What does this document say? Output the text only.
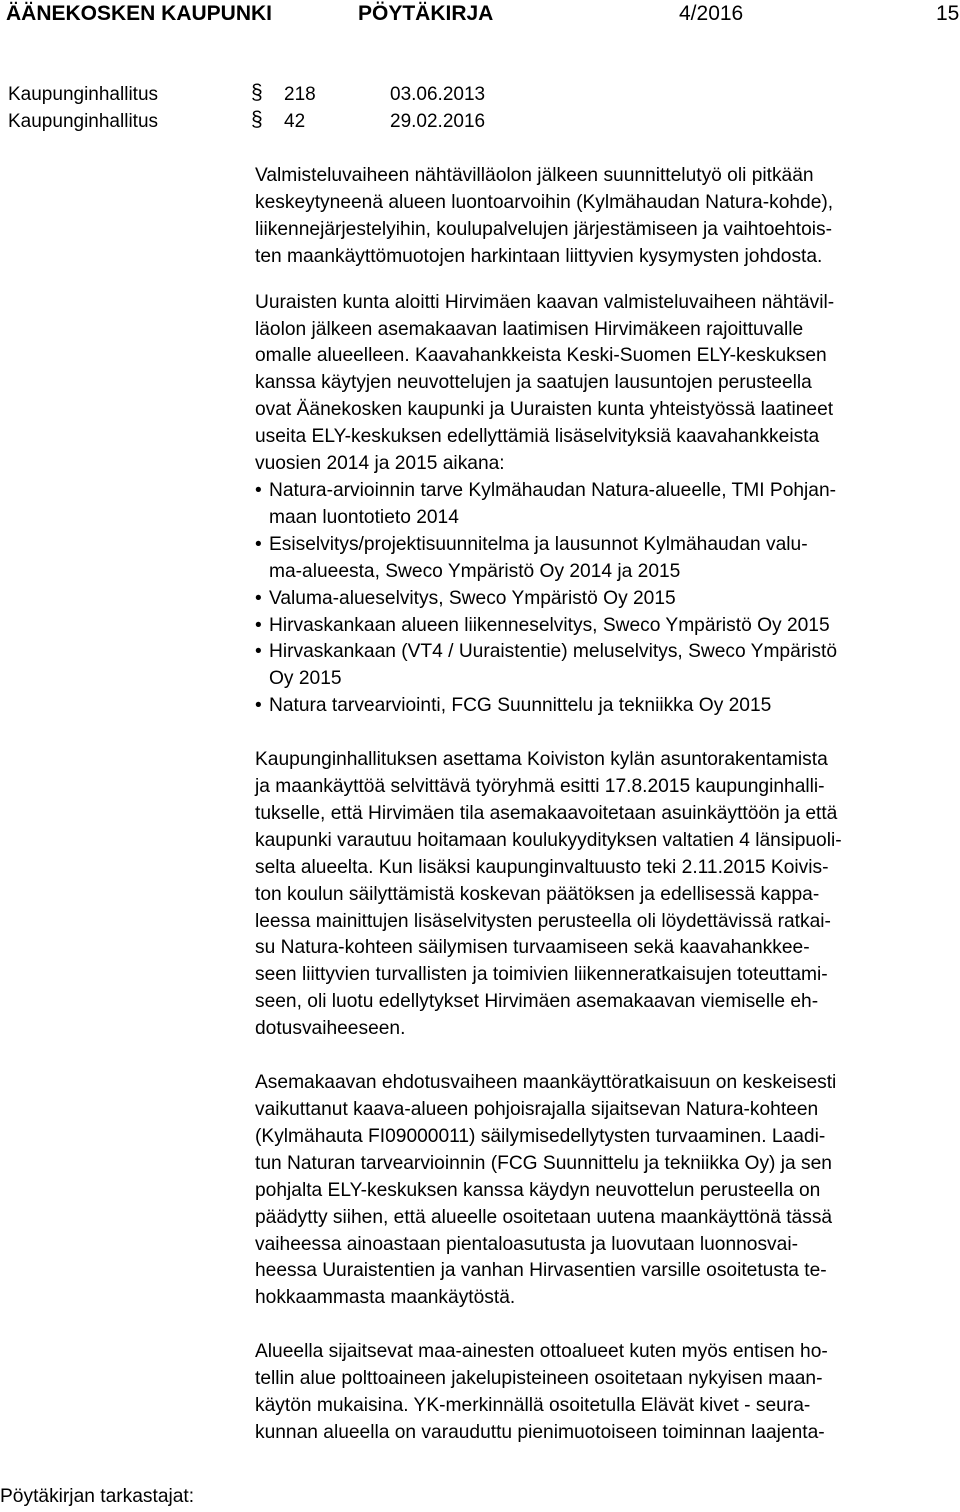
ÄÄNEKOSKEN KAUPUNKI	PÖYTÄKIRJA	4/2016	15
Kaupunginhallitus	§ 218	03.06.2013
Kaupunginhallitus	§ 42	29.02.2016

Valmisteluvaiheen nähtävilläolon jälkeen suunnittelutyö oli pitkään
keskeytyneenä alueen luontoarvoihin (Kylmähaudan Natura-kohde),
liikennejärjestelyihin, koulupalvelujen järjestämiseen ja vaihtoehtois-
ten maankäyttömuotojen harkintaan liittyvien kysymysten johdosta.

Uuraisten kunta aloitti Hirvimäen kaavan valmisteluvaiheen nähtävil-
läolon jälkeen asemakaavan laatimisen Hirvimäkeen rajoittuvalle
omalle alueelleen. Kaavahankkeista Keski-Suomen ELY-keskuksen
kanssa käytyjen neuvottelujen ja saatujen lausuntojen perusteella
ovat Äänekosken kaupunki ja Uuraisten kunta yhteistyössä laatineet
useita ELY-keskuksen edellyttämiä lisäselvityksiä kaavahankkeista
vuosien 2014 ja 2015 aikana:

• Natura-arvioinnin tarve Kylmähaudan Natura-alueelle, TMI Pohjan-
maan luontotieto 2014
• Esiselvitys/projektisuunnitelma ja lausunnot Kylmähaudan valu-
ma-alueesta, Sweco Ympäristö Oy 2014 ja 2015
• Valuma-alueselvitys, Sweco Ympäristö Oy 2015
• Hirvaskankaan alueen liikenneselvitys, Sweco Ympäristö Oy 2015
• Hirvaskankaan (VT4 / Uuraistentie) meluselvitys, Sweco Ympäristö
Oy 2015
• Natura tarvearviointi, FCG Suunnittelu ja tekniikka Oy 2015

Kaupunginhallituksen asettama Koiviston kylän asuntorakentamista
ja maankäyttöä selvittävä työryhmä esitti 17.8.2015 kaupunginhalli-
tukselle, että Hirvimäen tila asemakaavoitetaan asuinkäyttöön ja että
kaupunki varautuu hoitamaan koulukyydityksen valtatien 4 länsipuoli-
selta alueelta. Kun lisäksi kaupunginvaltuusto teki 2.11.2015 Koivis-
ton koulun säilyttämistä koskevan päätöksen ja edellisessä kappa-
leessa mainittujen lisäselvitysten perusteella oli löydettävissä ratkai-
su Natura-kohteen säilymisen turvaamiseen sekä kaavahankkee-
seen liittyvien turvallisten ja toimivien liikenneratkaisujen toteuttami-
seen, oli luotu edellytykset Hirvimäen asemakaavan viemiselle eh-
dotusvaiheeseen.

Asemakaavan ehdotusvaiheen maankäyttöratkaisuun on keskeisesti
vaikuttanut kaava-alueen pohjoisrajalla sijaitsevan Natura-kohteen
(Kylmähauta FI09000011) säilymisedellytysten turvaaminen. Laadi-
tun Naturan tarvearvioinnin (FCG Suunnittelu ja tekniikka Oy) ja sen
pohjalta ELY-keskuksen kanssa käydyn neuvottelun perusteella on
päädytty siihen, että alueelle osoitetaan uutena maankäyttönä tässä
vaiheessa ainoastaan pientaloasutusta ja luovutaan luonnosvai-
heessa Uuraistentien ja vanhan Hirvasentien varsille osoitetusta te-
hokkaammasta maankäytöstä.

Alueella sijaitsevat maa-ainesten ottoalueet kuten myös entisen ho-
tellin alue polttoaineen jakelupisteineen osoitetaan nykyisen maan-
käytön mukaisina. YK-merkinnällä osoitetulla Elävät kivet - seura-
kunnan alueella on varauduttu pienimuotoiseen toiminnan laajenta-

Pöytäkirjan tarkastajat:
